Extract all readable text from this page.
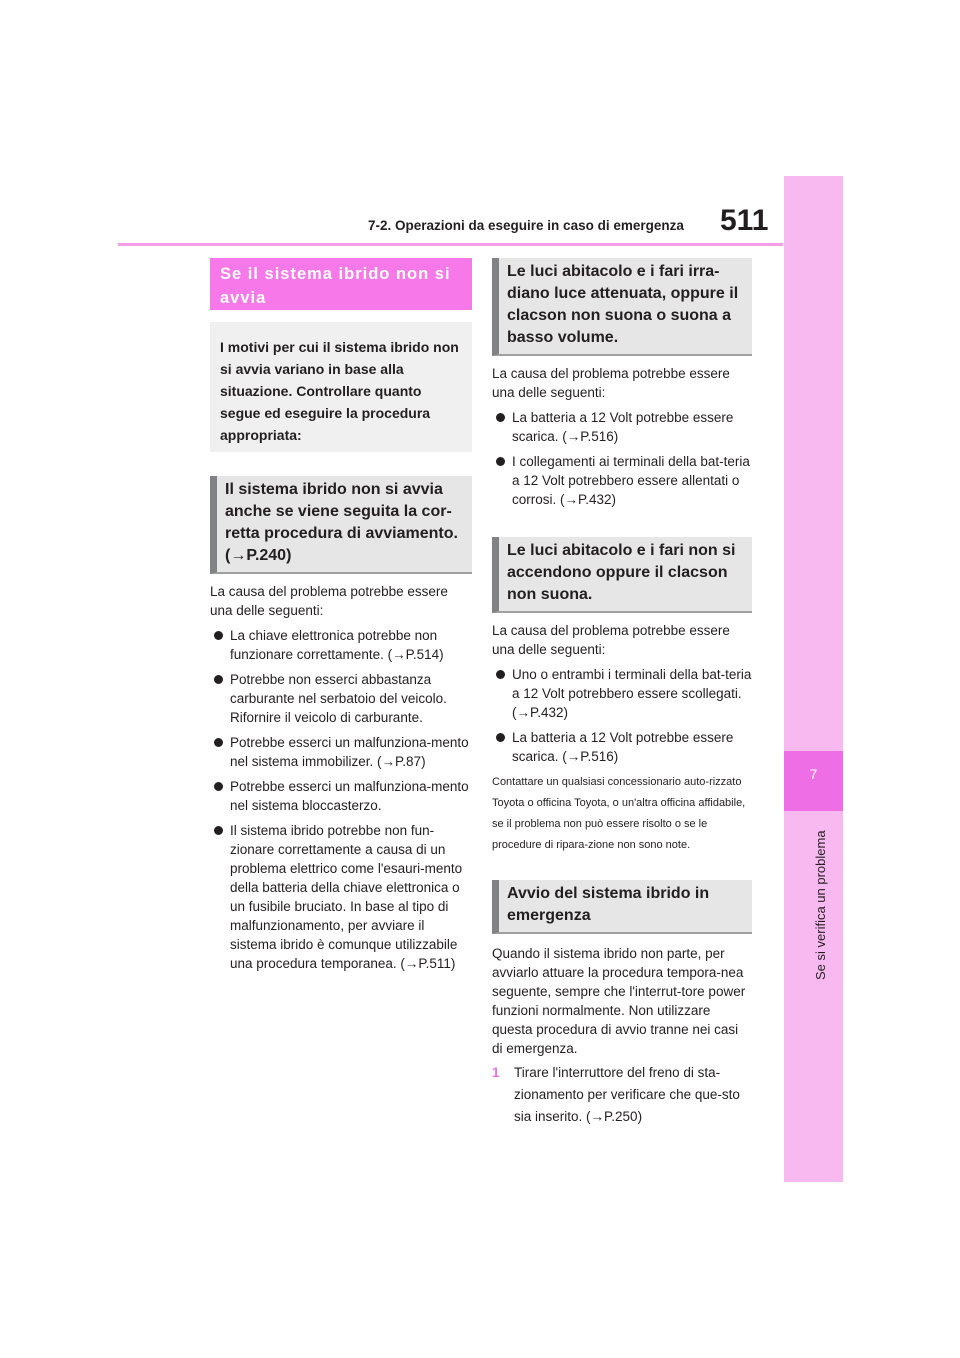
7-2. Operazioni da eseguire in caso di emergenza 511
7
Se si verifica un problema
Se il sistema ibrido non si avvia
I motivi per cui il sistema ibrido non si avvia variano in base alla situazione. Controllare quanto segue ed eseguire la procedura appropriata:
Il sistema ibrido non si avvia anche se viene seguita la cor-retta procedura di avviamento. (→P.240)

La causa del problema potrebbe essere una delle seguenti:

La chiave elettronica potrebbe non funzionare correttamente. (→P.514)
Potrebbe non esserci abbastanza carburante nel serbatoio del veicolo. Rifornire il veicolo di carburante.
Potrebbe esserci un malfunziona-mento nel sistema immobilizer. (→P.87)
Potrebbe esserci un malfunziona-mento nel sistema bloccasterzo.
Il sistema ibrido potrebbe non fun-zionare correttamente a causa di un problema elettrico come l'esauri-mento della batteria della chiave elettronica o un fusibile bruciato. In base al tipo di malfunzionamento, per avviare il sistema ibrido è comunque utilizzabile una procedura temporanea. (→P.511)
Le luci abitacolo e i fari irra-diano luce attenuata, oppure il clacson non suona o suona a basso volume.

La causa del problema potrebbe essere una delle seguenti:

La batteria a 12 Volt potrebbe essere scarica. (→P.516)
I collegamenti ai terminali della bat-teria a 12 Volt potrebbero essere allentati o corrosi. (→P.432)
Le luci abitacolo e i fari non si accendono oppure il clacson non suona.

La causa del problema potrebbe essere una delle seguenti:

Uno o entrambi i terminali della bat-teria a 12 Volt potrebbero essere scollegati. (→P.432)
La batteria a 12 Volt potrebbe essere scarica. (→P.516)

Contattare un qualsiasi concessionario auto-rizzato Toyota o officina Toyota, o un'altra officina affidabile, se il problema non può essere risolto o se le procedure di ripara-zione non sono note.

Avvio del sistema ibrido in emergenza

Quando il sistema ibrido non parte, per avviarlo attuare la procedura tempora-nea seguente, sempre che l'interrut-tore power funzioni normalmente. Non utilizzare questa procedura di avvio tranne nei casi di emergenza.

1 Tirare l'interruttore del freno di sta-zionamento per verificare che que-sto sia inserito. (→P.250)
